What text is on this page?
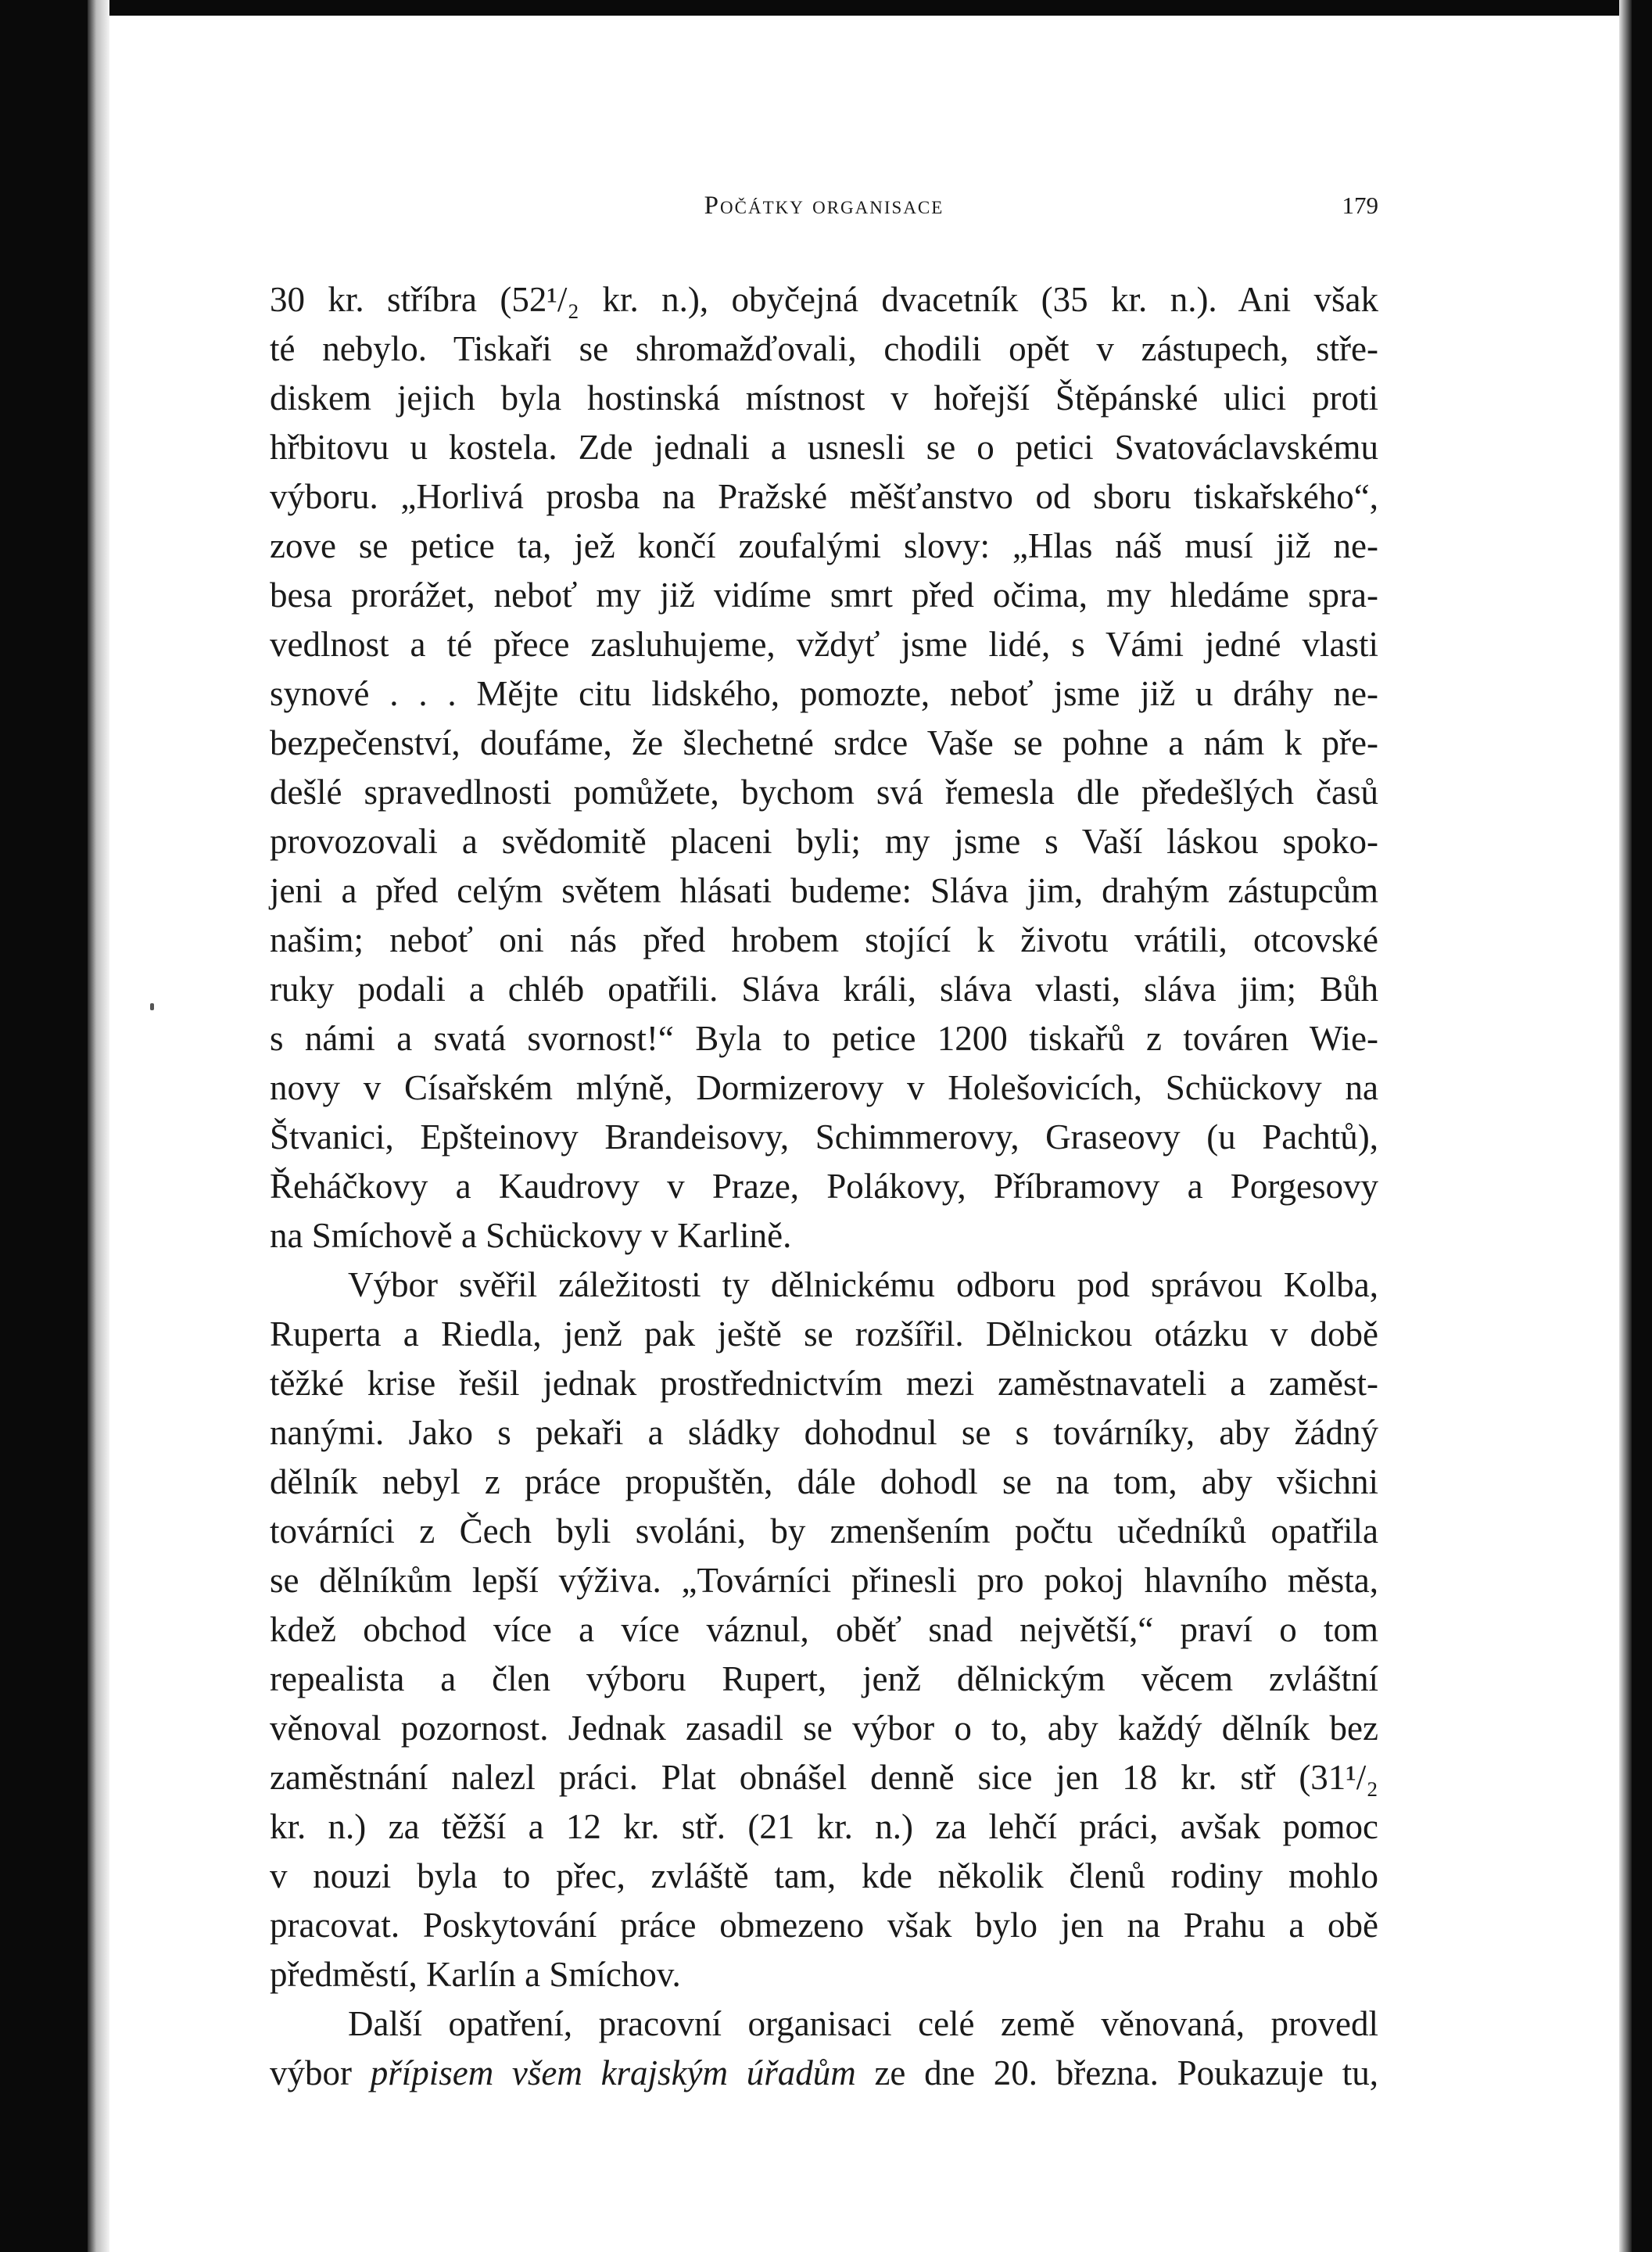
Počátky organisace	179
30 kr. stříbra (52¹/₂ kr. n.), obyčejná dvacetník (35 kr. n.). Ani však
té nebylo. Tiskaři se shromažďovali, chodili opět v zástupech, stře-
diskem jejich byla hostinská místnost v hořejší Štěpánské ulici proti
hřbitovu u kostela. Zde jednali a usnesli se o petici Svatováclavskému
výboru. „Horlivá prosba na Pražské měšťanstvo od sboru tiskařského“,
zove se petice ta, jež končí zoufalými slovy: „Hlas náš musí již ne-
besa prorážet, neboť my již vidíme smrt před očima, my hledáme spra-
vedlnost a té přece zasluhujeme, vždyť jsme lidé, s Vámi jedné vlasti
synové . . . Mějte citu lidského, pomozte, neboť jsme již u dráhy ne-
bezpečenství, doufáme, že šlechetné srdce Vaše se pohne a nám k pře-
dešlé spravedlnosti pomůžete, bychom svá řemesla dle předešlých časů
provozovali a svědomitě placeni byli; my jsme s Vaší láskou spoko-
jeni a před celým světem hlásati budeme: Sláva jim, drahým zástupcům
našim; neboť oni nás před hrobem stojící k životu vrátili, otcovské
ruky podali a chléb opatřili. Sláva králi, sláva vlasti, sláva jim; Bůh
s námi a svatá svornost!“ Byla to petice 1200 tiskařů z továren Wie-
novy v Císařském mlýně, Dormizerovy v Holešovicích, Schückovy na
Štvanici, Epšteinovy Brandeisovy, Schimmerovy, Graseovy (u Pachtů),
Řeháčkovy a Kaudrovy v Praze, Polákovy, Příbramovy a Porgesovy
na Smíchově a Schückovy v Karlině.
Výbor svěřil záležitosti ty dělnickému odboru pod správou Kolba,
Ruperta a Riedla, jenž pak ještě se rozšířil. Dělnickou otázku v době
těžké krise řešil jednak prostřednictvím mezi zaměstnavateli a zaměst-
nanými. Jako s pekaři a sládky dohodnul se s továrníky, aby žádný
dělník nebyl z práce propuštěn, dále dohodl se na tom, aby všichni
továrníci z Čech byli svoláni, by zmenšením počtu učedníků opatřila
se dělníkům lepší výživa. „Továrníci přinesli pro pokoj hlavního města,
kdež obchod více a více váznul, oběť snad největší,“ praví o tom
repealista a člen výboru Rupert, jenž dělnickým věcem zvláštní
věnoval pozornost. Jednak zasadil se výbor o to, aby každý dělník bez
zaměstnání nalezl práci. Plat obnášel denně sice jen 18 kr. stř (31¹/₂
kr. n.) za těžší a 12 kr. stř. (21 kr. n.) za lehčí práci, avšak pomoc
v nouzi byla to přec, zvláště tam, kde několik členů rodiny mohlo
pracovat. Poskytování práce obmezeno však bylo jen na Prahu a obě
předměstí, Karlín a Smíchov.
Další opatření, pracovní organisaci celé země věnovaná, provedl
výbor přípisem všem krajským úřadům ze dne 20. března. Poukazuje tu,
